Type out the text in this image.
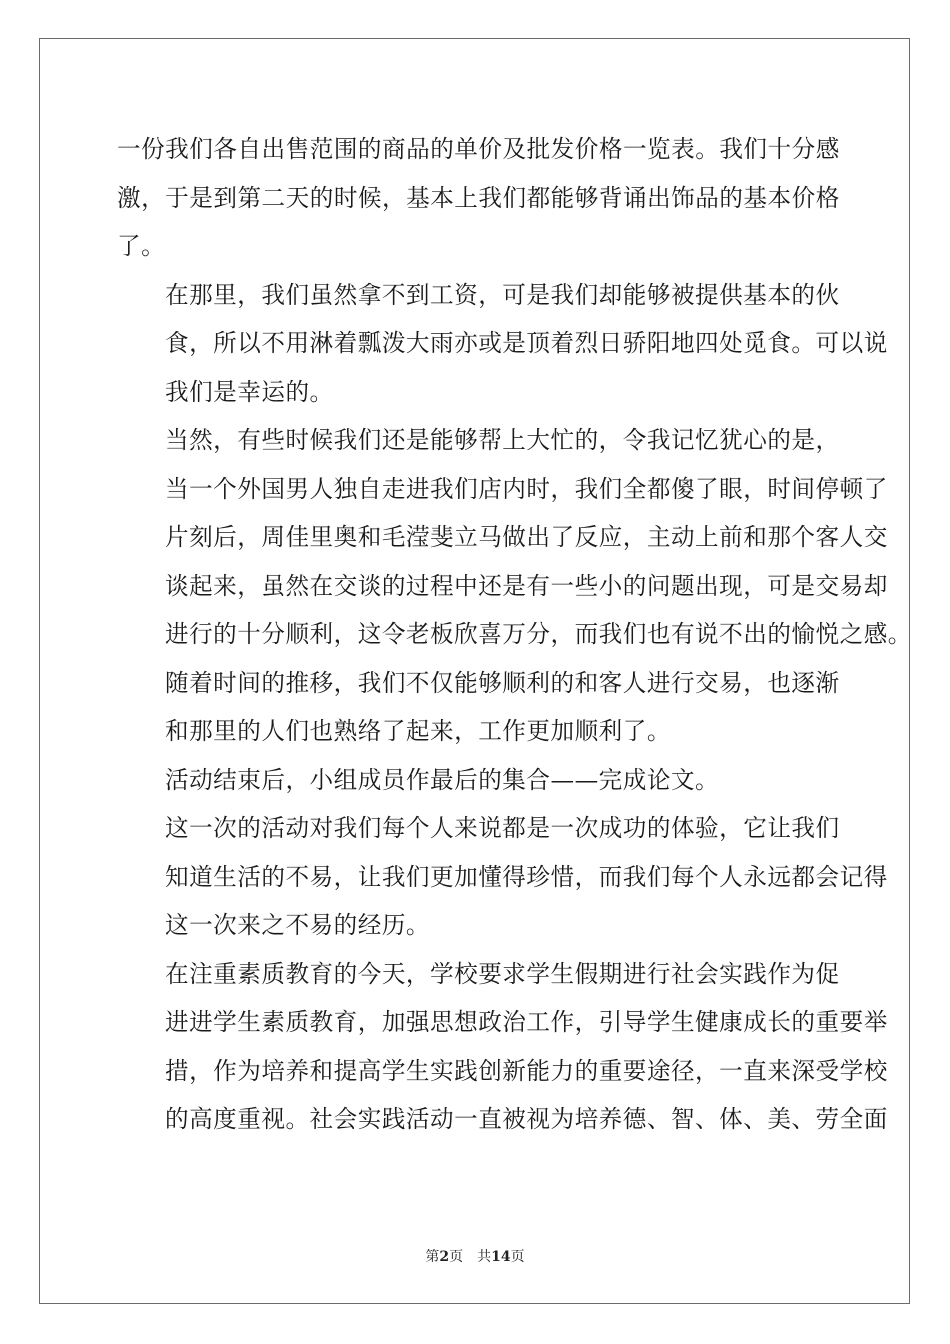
一份我们各自出售范围的商品的单价及批发价格一览表。我们十分感
激，于是到第二天的时候，基本上我们都能够背诵出饰品的基本价格
了。

在那里，我们虽然拿不到工资，可是我们却能够被提供基本的伙
食，所以不用淋着瓢泼大雨亦或是顶着烈日骄阳地四处觅食。可以说
我们是幸运的。

当然，有些时候我们还是能够帮上大忙的，令我记忆犹心的是，
当一个外国男人独自走进我们店内时，我们全都傻了眼，时间停顿了
片刻后，周佳里奥和毛滢斐立马做出了反应，主动上前和那个客人交
谈起来，虽然在交谈的过程中还是有一些小的问题出现，可是交易却
进行的十分顺利，这令老板欣喜万分，而我们也有说不出的愉悦之感。

随着时间的推移，我们不仅能够顺利的和客人进行交易，也逐渐
和那里的人们也熟络了起来，工作更加顺利了。

活动结束后，小组成员作最后的集合——完成论文。

这一次的活动对我们每个人来说都是一次成功的体验，它让我们
知道生活的不易，让我们更加懂得珍惜，而我们每个人永远都会记得
这一次来之不易的经历。

在注重素质教育的今天，学校要求学生假期进行社会实践作为促
进进学生素质教育，加强思想政治工作，引导学生健康成长的重要举
措，作为培养和提高学生实践创新能力的重要途径，一直来深受学校
的高度重视。社会实践活动一直被视为培养德、智、体、美、劳全面

第2页 共14页
